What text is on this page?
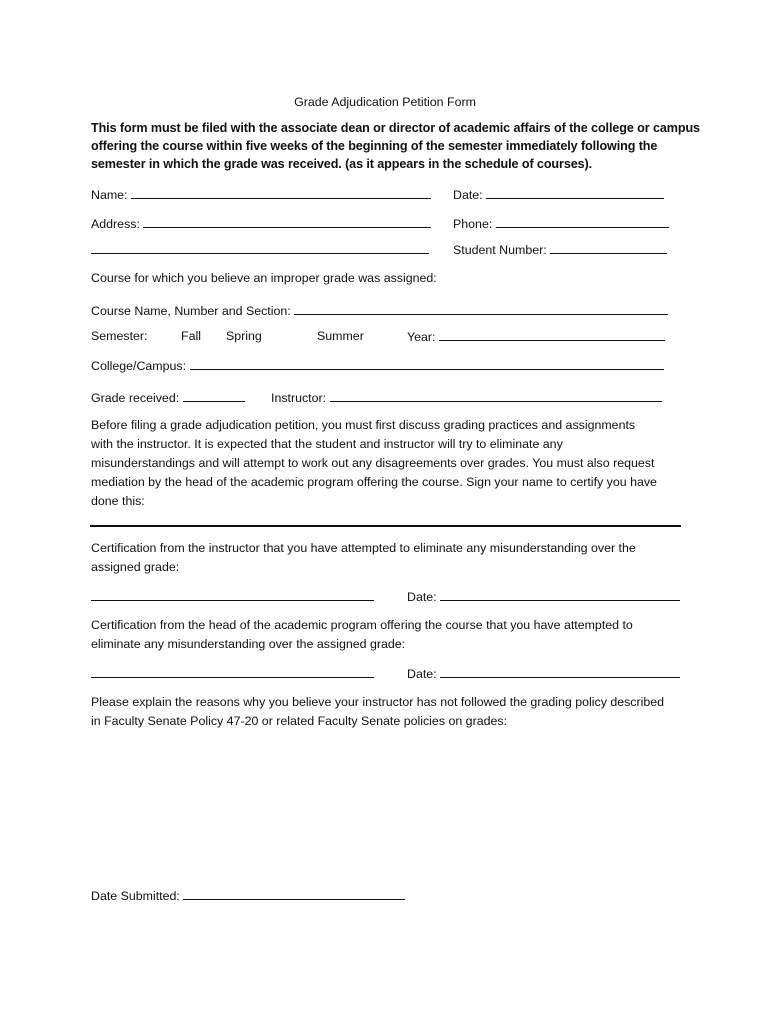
Grade Adjudication Petition Form
This form must be filed with the associate dean or director of academic affairs of the college or campus
offering the course within five weeks of the beginning of the semester immediately following the
semester in which the grade was received. (as it appears in the schedule of courses).
Name:	Date:
Address:	Phone:
Student Number:
Course for which you believe an improper grade was assigned:
Course Name, Number and Section:
Semester:	Fall Spring	Summer	Year:
College/Campus:
Grade received:	Instructor:
Before filing a grade adjudication petition, you must first discuss grading practices and assignments
with the instructor. It is expected that the student and instructor will try to eliminate any
misunderstandings and will attempt to work out any disagreements over grades. You must also request
mediation by the head of the academic program offering the course. Sign your name to certify you have
done this:
Certification from the instructor that you have attempted to eliminate any misunderstanding over the
assigned grade:
Date:
Certification from the head of the academic program offering the course that you have attempted to
eliminate any misunderstanding over the assigned grade:
Date:
Please explain the reasons why you believe your instructor has not followed the grading policy described
in Faculty Senate Policy 47-20 or related Faculty Senate policies on grades:
Date Submitted:
